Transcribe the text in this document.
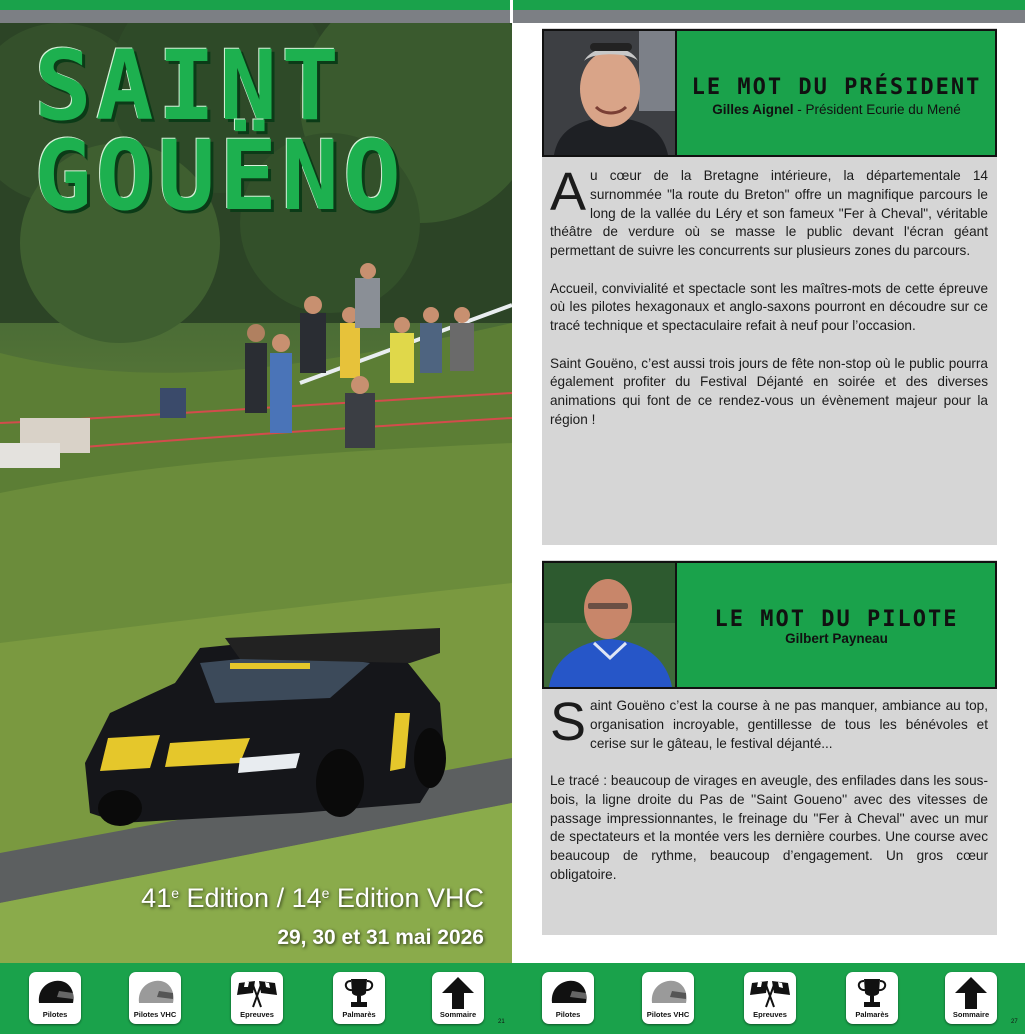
SAINT
GOUËNO
41e Edition / 14e Edition VHC
29, 30 et 31 mai 2026
LE MOT DU PRÉSIDENT
Gilles Aignel - Président Ecurie du Mené
Au cœur de la Bretagne intérieure, la départementale 14 surnommée "la route du Breton" offre un magnifique parcours le long de la vallée du Léry et son fameux "Fer à Cheval", véritable théâtre de verdure où se masse le public devant l'écran géant permettant de suivre les concurrents sur plusieurs zones du parcours.
Accueil, convivialité et spectacle sont les maîtres-mots de cette épreuve où les pilotes hexagonaux et anglo-saxons pourront en découdre sur ce tracé technique et spectaculaire refait à neuf pour l’occasion.
Saint Gouëno, c’est aussi trois jours de fête non-stop où le public pourra également profiter du Festival Déjanté en soirée et des diverses animations qui font de ce rendez-vous un évènement majeur pour la région !
LE MOT DU PILOTE
Gilbert Payneau
Saint Gouëno c’est la course à ne pas manquer, ambiance au top, organisation incroyable, gentillesse de tous les bénévoles et cerise sur le gâteau, le festival déjanté...
Le tracé : beaucoup de virages en aveugle, des enfilades dans les sous-bois, la ligne droite du Pas de ''Saint Goueno'' avec des vitesses de passage impressionnantes, le freinage du ''Fer à Cheval'' avec un mur de spectateurs et la montée vers les dernière courbes. Une course avec beaucoup de rythme, beaucoup d’engagement. Un gros cœur obligatoire.
Pilotes	Pilotes VHC	Epreuves	Palmarès	Sommaire
21
Pilotes	Pilotes VHC	Epreuves	Palmarès	Sommaire
27
